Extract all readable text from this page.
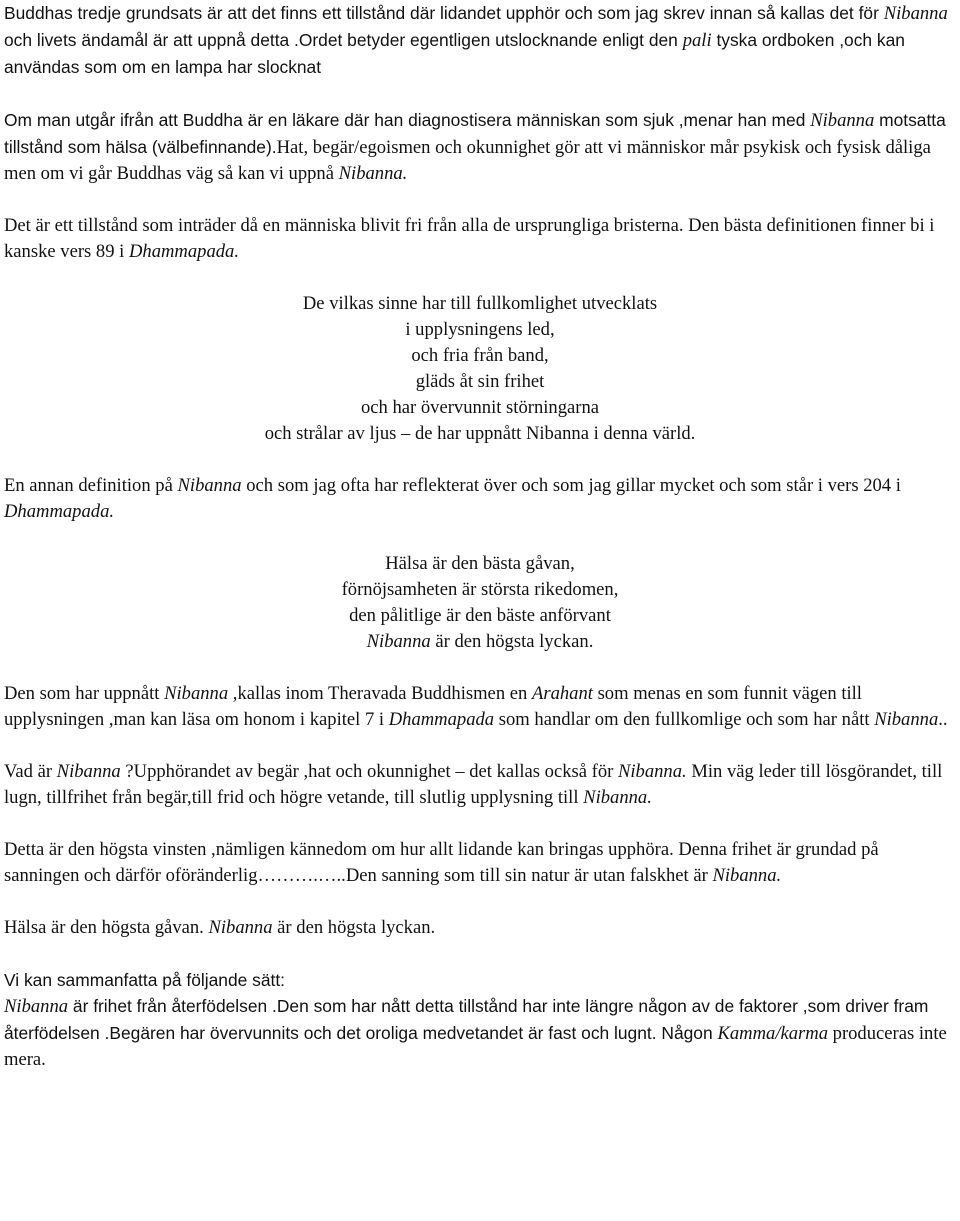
Buddhas tredje grundsats är att det finns ett tillstånd där lidandet upphör och som jag skrev innan så kallas det för Nibanna och livets ändamål är att uppnå detta .Ordet betyder egentligen utslocknande enligt den pali tyska ordboken ,och kan användas som om en lampa har slocknat

Om man utgår ifrån att Buddha är en läkare där han diagnostisera människan som sjuk ,menar han med Nibanna motsatta tillstånd som hälsa (välbefinnande).Hat, begär/egoismen och okunnighet gör att vi människor mår psykisk och fysisk dåliga men om vi går Buddhas väg så kan vi uppnå Nibanna.

Det är ett tillstånd som inträder då en människa blivit fri från alla de ursprungliga bristerna. Den bästa definitionen finner bi i kanske vers 89 i Dhammapada.

De vilkas sinne har till fullkomlighet utvecklats

i upplysningens led,

och fria från band,

gläds åt sin frihet

och har övervunnit störningarna

och strålar av ljus – de har uppnått Nibanna i denna värld.

En annan definition på Nibanna och som jag ofta har reflekterat över och som jag gillar mycket och som står i vers 204 i Dhammapada.

Hälsa är den bästa gåvan,

förnöjsamheten är största rikedomen,

den pålitlige är den bäste anförvant

Nibanna är den högsta lyckan.

Den som har uppnått Nibanna ,kallas inom Theravada Buddhismen en Arahant som menas en som funnit vägen till upplysningen ,man kan läsa om honom i kapitel 7 i Dhammapada som handlar om den fullkomlige och som har nått Nibanna..

Vad är Nibanna ?Upphörandet av begär ,hat och okunnighet – det kallas också för Nibanna. Min väg leder till lösgörandet, till lugn, tillfrihet från begär,till frid och högre vetande, till slutlig upplysning till Nibanna.

Detta är den högsta vinsten ,nämligen kännedom om hur allt lidande kan bringas upphöra. Denna frihet är grundad på sanningen och därför oföränderlig……….…..Den sanning som till sin natur är utan falskhet är Nibanna.

Hälsa är den högsta gåvan. Nibanna är den högsta lyckan.

Vi kan sammanfatta på följande sätt:

Nibanna är frihet från återfödelsen .Den som har nått detta tillstånd har inte längre någon av de faktorer ,som driver fram återfödelsen .Begären har övervunnits och det oroliga medvetandet är fast och lugnt. Någon Kamma/karma produceras inte mera.
